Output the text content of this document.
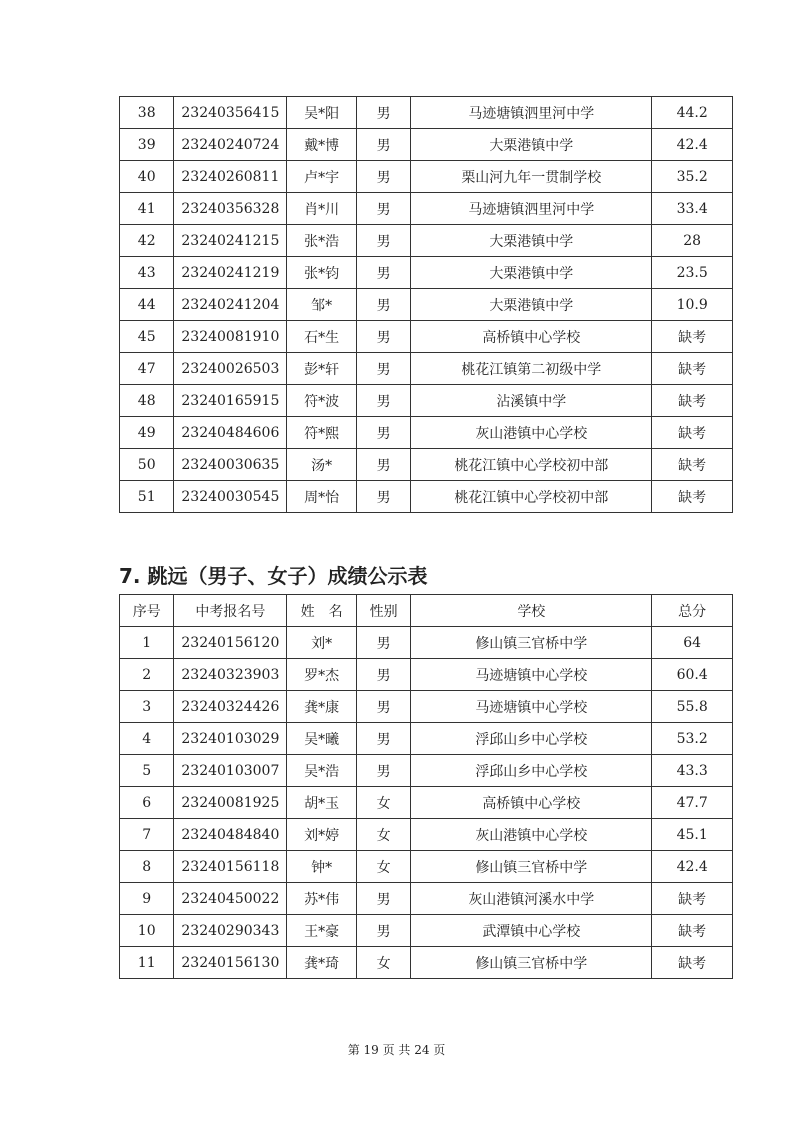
38	23240356415	吴*阳	男	马迹塘镇泗里河中学	44.2
39	23240240724	戴*博	男	大栗港镇中学	42.4
40	23240260811	卢*宇	男	栗山河九年一贯制学校	35.2
41	23240356328	肖*川	男	马迹塘镇泗里河中学	33.4
42	23240241215	张*浩	男	大栗港镇中学	28
43	23240241219	张*钧	男	大栗港镇中学	23.5
44	23240241204	邹*	男	大栗港镇中学	10.9
45	23240081910	石*生	男	高桥镇中心学校	缺考
47	23240026503	彭*轩	男	桃花江镇第二初级中学	缺考
48	23240165915	符*波	男	沾溪镇中学	缺考
49	23240484606	符*熙	男	灰山港镇中心学校	缺考
50	23240030635	汤*	男	桃花江镇中心学校初中部	缺考
51	23240030545	周*怡	男	桃花江镇中心学校初中部	缺考
7. 跳远（男子、女子）成绩公示表
序号	中考报名号	姓　名	性别	学校	总分
1	23240156120	刘*	男	修山镇三官桥中学	64
2	23240323903	罗*杰	男	马迹塘镇中心学校	60.4
3	23240324426	龚*康	男	马迹塘镇中心学校	55.8
4	23240103029	吴*曦	男	浮邱山乡中心学校	53.2
5	23240103007	吴*浩	男	浮邱山乡中心学校	43.3
6	23240081925	胡*玉	女	高桥镇中心学校	47.7
7	23240484840	刘*婷	女	灰山港镇中心学校	45.1
8	23240156118	钟*	女	修山镇三官桥中学	42.4
9	23240450022	苏*伟	男	灰山港镇河溪水中学	缺考
10	23240290343	王*豪	男	武潭镇中心学校	缺考
11	23240156130	龚*琦	女	修山镇三官桥中学	缺考
第 19 页 共 24 页
